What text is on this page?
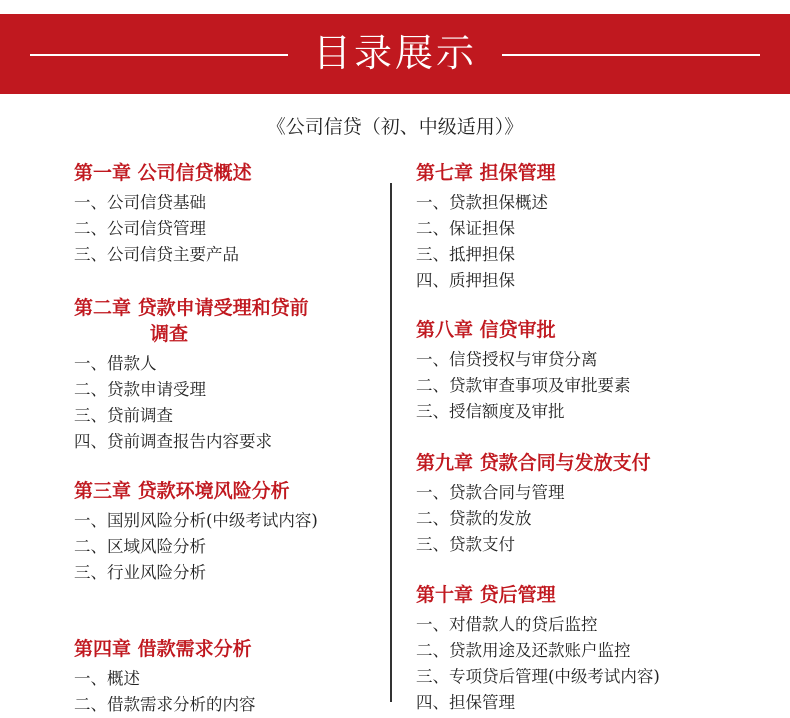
目录展示
《公司信贷（初、中级适用）》
第一章 公司信贷概述
一、公司信贷基础
二、公司信贷管理
三、公司信贷主要产品
第二章 贷款申请受理和贷前
调查
一、借款人
二、贷款申请受理
三、贷前调查
四、贷前调查报告内容要求
第三章 贷款环境风险分析
一、国别风险分析(中级考试内容)
二、区域风险分析
三、行业风险分析
第四章 借款需求分析
一、概述
二、借款需求分析的内容
第七章 担保管理
一、贷款担保概述
二、保证担保
三、抵押担保
四、质押担保
第八章 信贷审批
一、信贷授权与审贷分离
二、贷款审查事项及审批要素
三、授信额度及审批
第九章 贷款合同与发放支付
一、贷款合同与管理
二、贷款的发放
三、贷款支付
第十章 贷后管理
一、对借款人的贷后监控
二、贷款用途及还款账户监控
三、专项贷后管理(中级考试内容)
四、担保管理
